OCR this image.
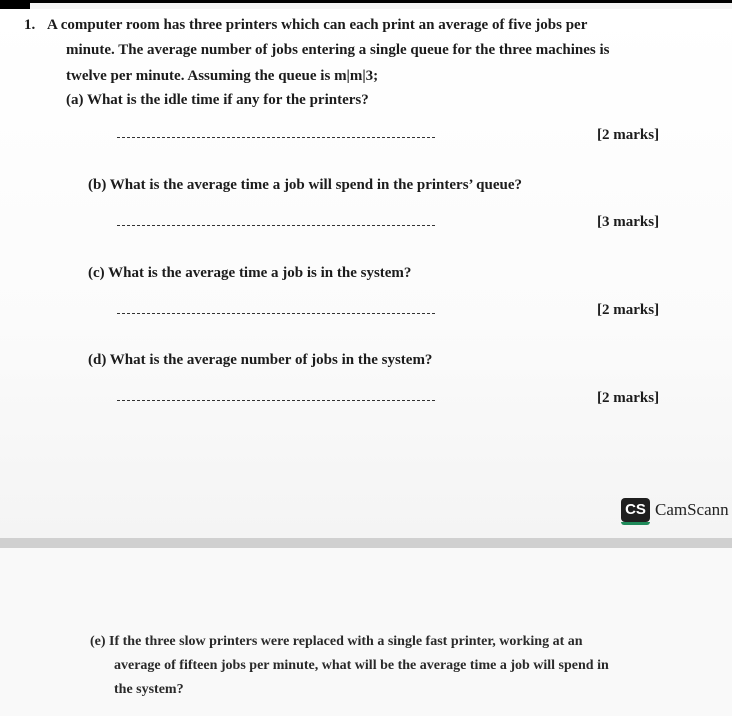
1. A computer room has three printers which can each print an average of five jobs per
minute. The average number of jobs entering a single queue for the three machines is
twelve per minute. Assuming the queue is m|m|3;
(a) What is the idle time if any for the printers?
[2 marks]
(b) What is the average time a job will spend in the printers’ queue?
[3 marks]
(c) What is the average time a job is in the system?
[2 marks]
(d) What is the average number of jobs in the system?
[2 marks]
CS CamScann
(e) If the three slow printers were replaced with a single fast printer, working at an
average of fifteen jobs per minute, what will be the average time a job will spend in
the system?
